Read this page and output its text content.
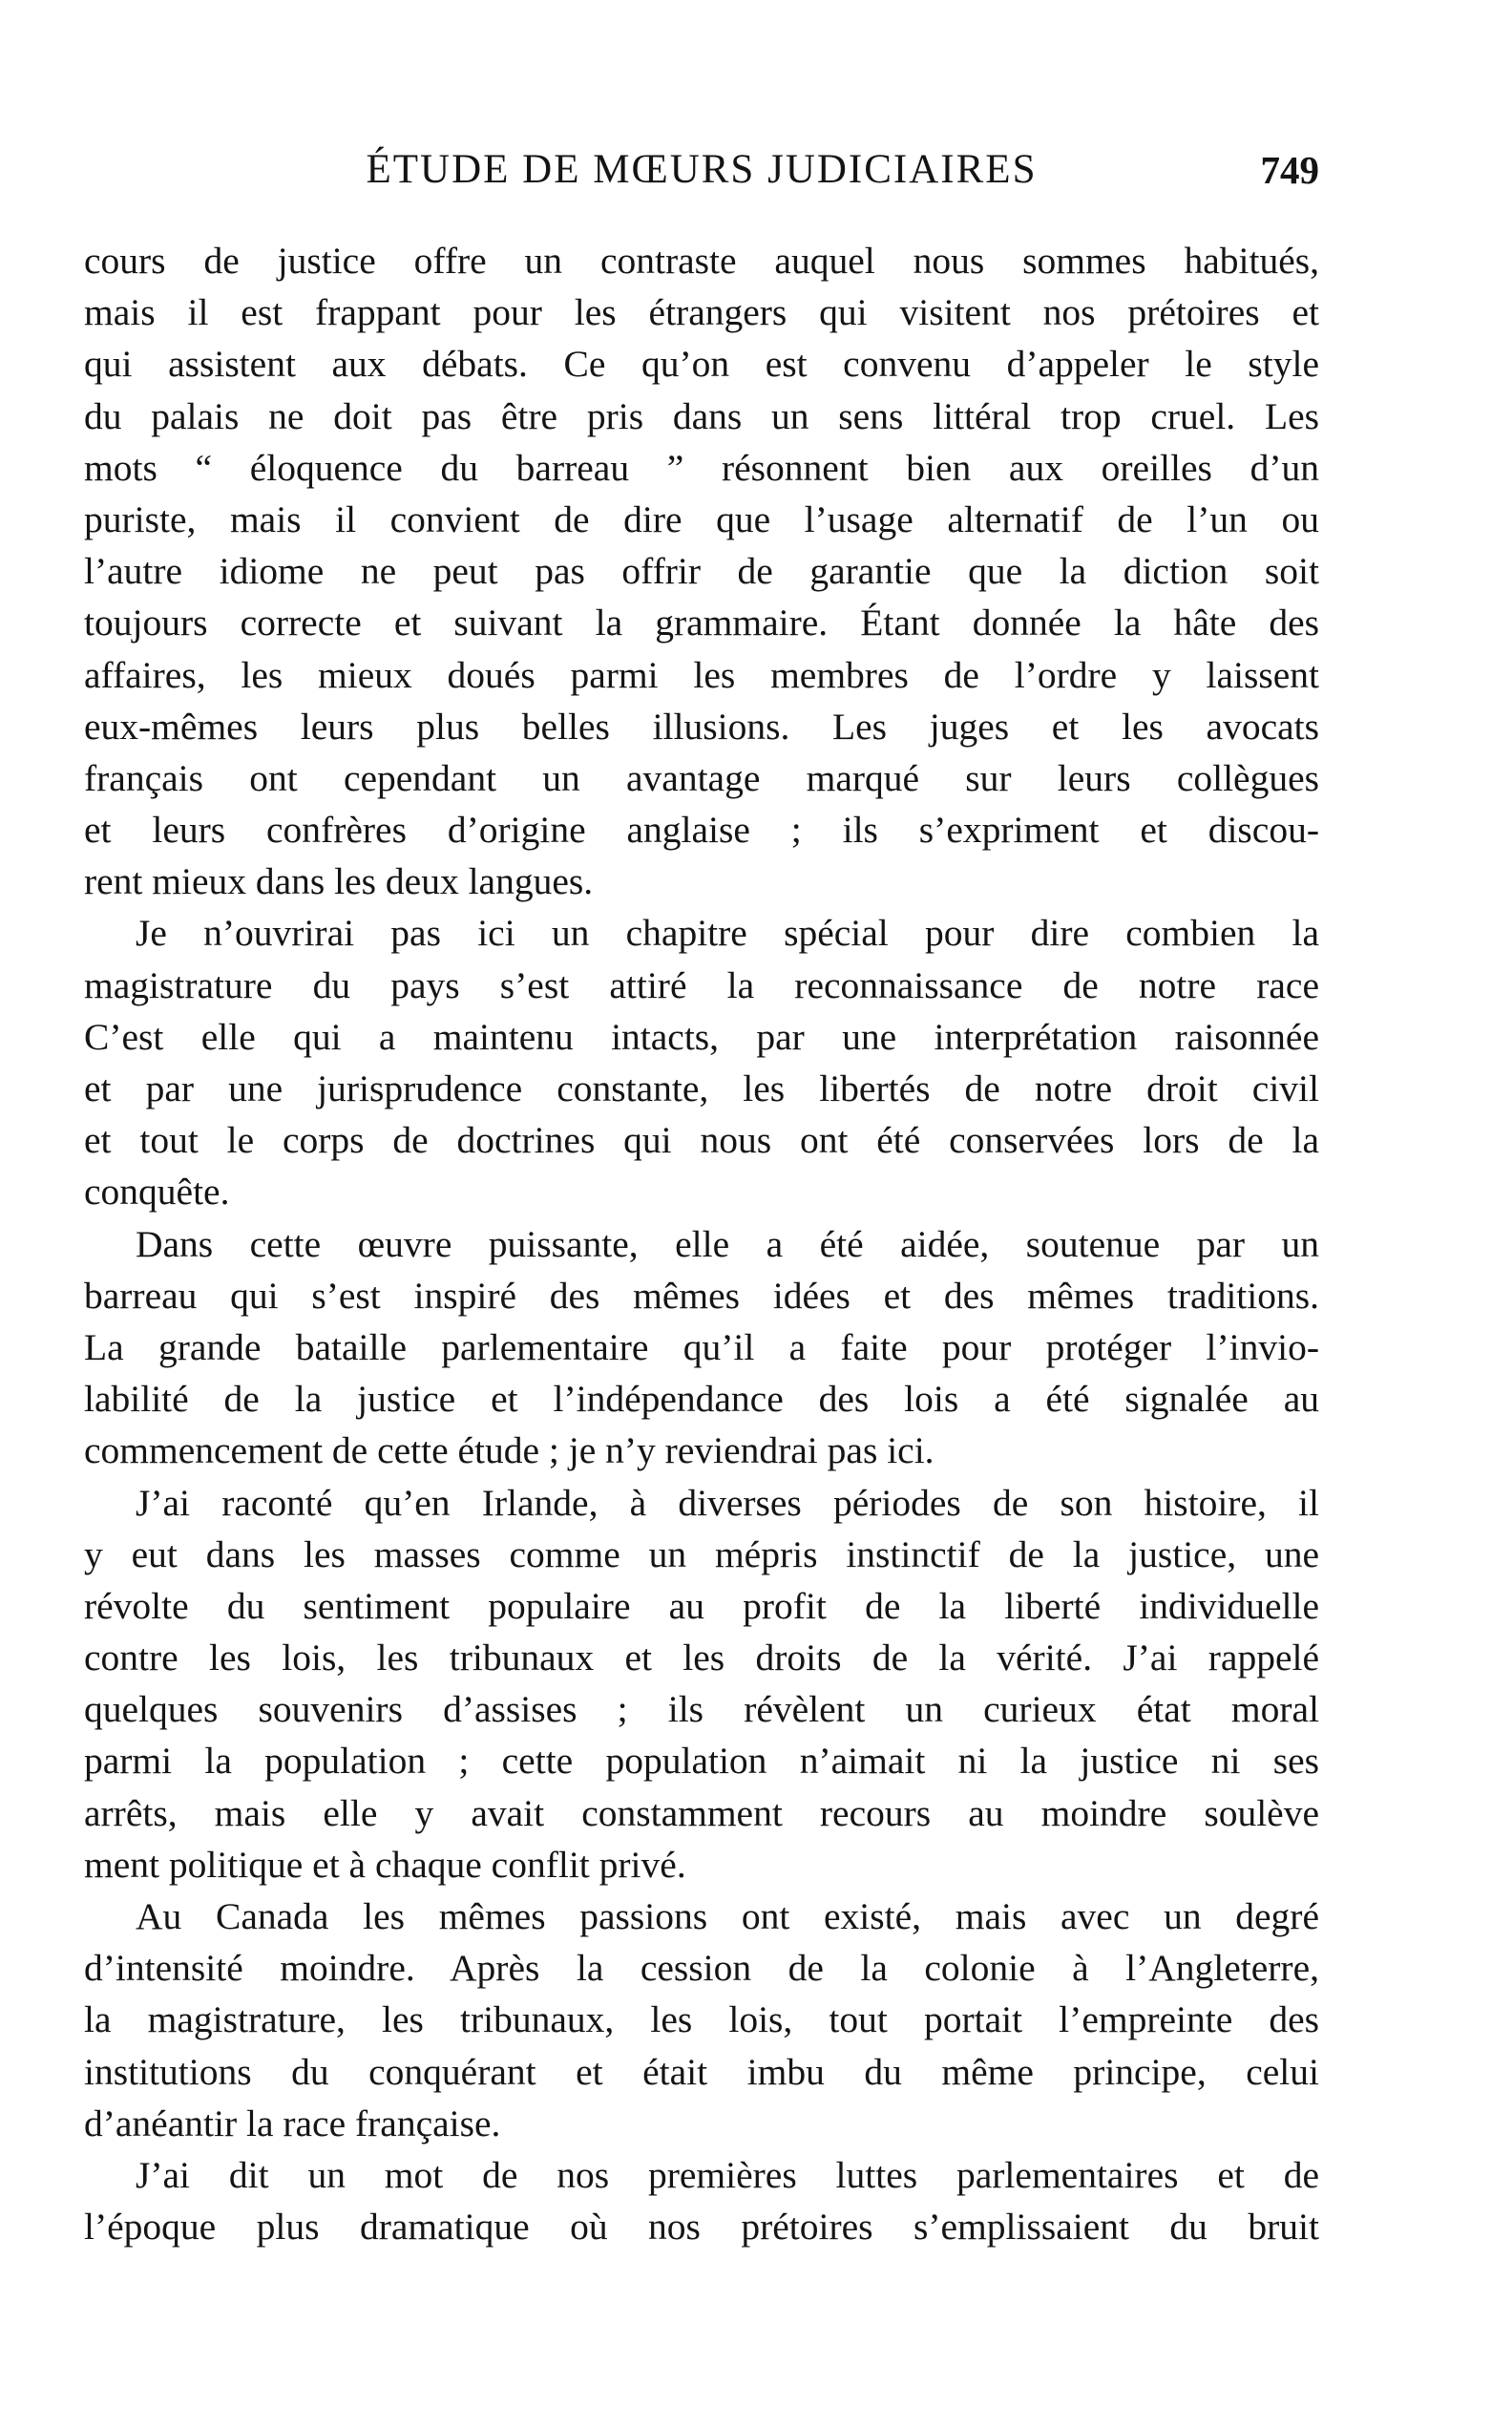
ÉTUDE DE MŒURS JUDICIAIRES	749
cours de justice offre un contraste auquel nous sommes habitués,
mais il est frappant pour les étrangers qui visitent nos prétoires et
qui assistent aux débats. Ce qu’on est convenu d’appeler le style
du palais ne doit pas être pris dans un sens littéral trop cruel. Les
mots “ éloquence du barreau ” résonnent bien aux oreilles d’un
puriste, mais il convient de dire que l’usage alternatif de l’un ou
l’autre idiome ne peut pas offrir de garantie que la diction soit
toujours correcte et suivant la grammaire. Étant donnée la hâte des
affaires, les mieux doués parmi les membres de l’ordre y laissent
eux-mêmes leurs plus belles illusions. Les juges et les avocats
français ont cependant un avantage marqué sur leurs collègues
et leurs confrères d’origine anglaise ; ils s’expriment et discou-
rent mieux dans les deux langues.
Je n’ouvrirai pas ici un chapitre spécial pour dire combien la
magistrature du pays s’est attiré la reconnaissance de notre race
C’est elle qui a maintenu intacts, par une interprétation raisonnée
et par une jurisprudence constante, les libertés de notre droit civil
et tout le corps de doctrines qui nous ont été conservées lors de la
conquête.
Dans cette œuvre puissante, elle a été aidée, soutenue par un
barreau qui s’est inspiré des mêmes idées et des mêmes traditions.
La grande bataille parlementaire qu’il a faite pour protéger l’invio-
labilité de la justice et l’indépendance des lois a été signalée au
commencement de cette étude ; je n’y reviendrai pas ici.
J’ai raconté qu’en Irlande, à diverses périodes de son histoire, il
y eut dans les masses comme un mépris instinctif de la justice, une
révolte du sentiment populaire au profit de la liberté individuelle
contre les lois, les tribunaux et les droits de la vérité. J’ai rappelé
quelques souvenirs d’assises ; ils révèlent un curieux état moral
parmi la population ; cette population n’aimait ni la justice ni ses
arrêts, mais elle y avait constamment recours au moindre soulève
ment politique et à chaque conflit privé.
Au Canada les mêmes passions ont existé, mais avec un degré
d’intensité moindre. Après la cession de la colonie à l’Angleterre,
la magistrature, les tribunaux, les lois, tout portait l’empreinte des
institutions du conquérant et était imbu du même principe, celui
d’anéantir la race française.
J’ai dit un mot de nos premières luttes parlementaires et de
l’époque plus dramatique où nos prétoires s’emplissaient du bruit
